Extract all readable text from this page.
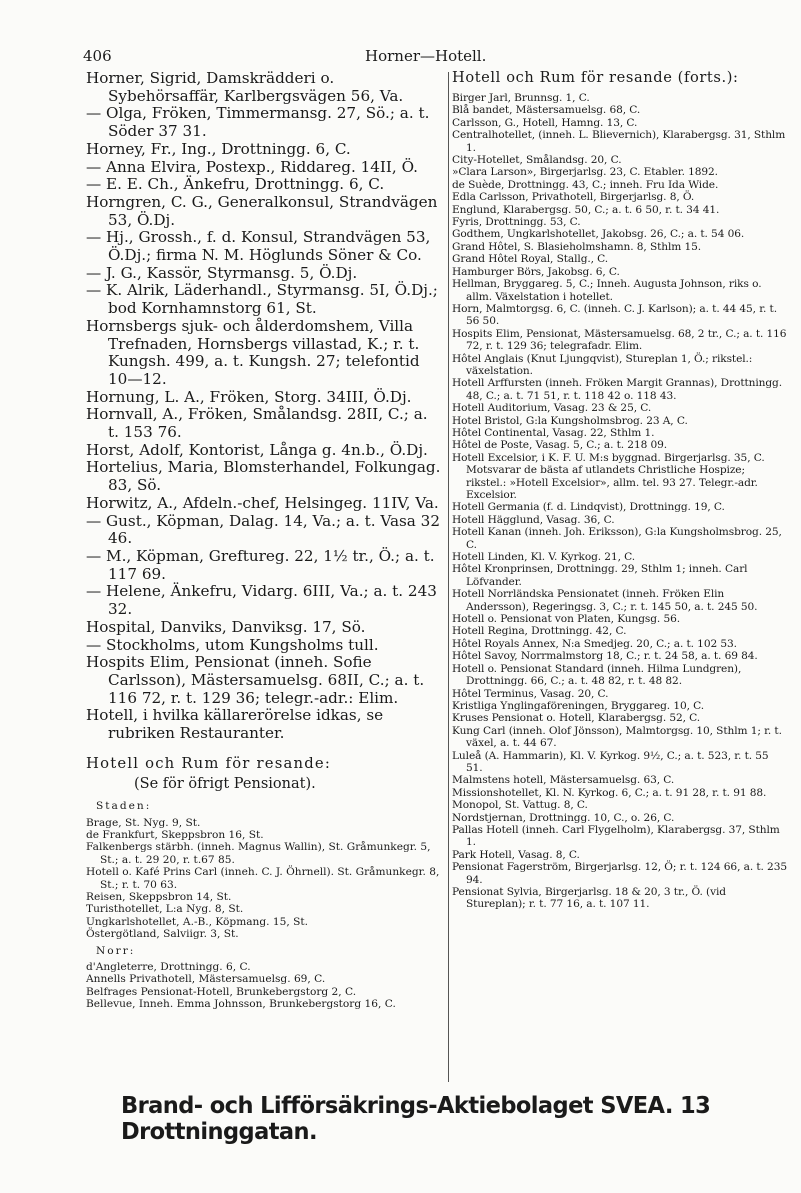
406	Horner—Hotell.

Horner, Sigrid, Damskrädderi o. Sybehörsaffär, Karlbergsvägen 56, Va.

— Olga, Fröken, Timmermansg. 27, Sö.; a. t. Söder 37 31.

Horney, Fr., Ing., Drottningg. 6, C.

— Anna Elvira, Postexp., Riddareg. 14II, Ö.

— E. E. Ch., Änkefru, Drottningg. 6, C.

Horngren, C. G., Generalkonsul, Strandvägen 53, Ö.Dj.

— Hj., Grossh., f. d. Konsul, Strandvägen 53, Ö.Dj.; firma N. M. Höglunds Söner & Co.

— J. G., Kassör, Styrmansg. 5, Ö.Dj.

— K. Alrik, Läderhandl., Styrmansg. 5I, Ö.Dj.; bod Kornhamnstorg 61, St.

Hornsbergs sjuk- och ålderdomshem, Villa Trefnaden, Hornsbergs villastad, K.; r. t. Kungsh. 499, a. t. Kungsh. 27; telefontid 10—12.

Hornung, L. A., Fröken, Storg. 34III, Ö.Dj.

Hornvall, A., Fröken, Smålandsg. 28II, C.; a. t. 153 76.

Horst, Adolf, Kontorist, Långa g. 4n.b., Ö.Dj.

Hortelius, Maria, Blomsterhandel, Folkungag. 83, Sö.

Horwitz, A., Afdeln.-chef, Helsingeg. 11IV, Va.

— Gust., Köpman, Dalag. 14, Va.; a. t. Vasa 32 46.

— M., Köpman, Greftureg. 22, 1½ tr., Ö.; a. t. 117 69.

— Helene, Änkefru, Vidarg. 6III, Va.; a. t. 243 32.

Hospital, Danviks, Danviksg. 17, Sö.

— Stockholms, utom Kungsholms tull.

Hospits Elim, Pensionat (inneh. Sofie Carlsson), Mästersamuelsg. 68II, C.; a. t. 116 72, r. t. 129 36; telegr.-adr.: Elim.

Hotell, i hvilka källarerörelse idkas, se rubriken Restauranter.

Hotell och Rum för resande:
(Se för öfrigt Pensionat).
Staden:

Brage, St. Nyg. 9, St.

de Frankfurt, Skeppsbron 16, St.

Falkenbergs stärbh. (inneh. Magnus Wallin), St. Gråmunkegr. 5, St.; a. t. 29 20, r. t.67 85.

Hotell o. Kafé Prins Carl (inneh. C. J. Öhrnell). St. Gråmunkegr. 8, St.; r. t. 70 63.

Reisen, Skeppsbron 14, St.

Turisthotellet, L:a Nyg. 8, St.

Ungkarlshotellet, A.-B., Köpmang. 15, St.

Östergötland, Salviigr. 3, St.

Norr:

d'Angleterre, Drottningg. 6, C.

Annells Privathotell, Mästersamuelsg. 69, C.

Belfrages Pensionat-Hotell, Brunkebergstorg 2, C.

Bellevue, Inneh. Emma Johnsson, Brunkebergstorg 16, C.

Hotell och Rum för resande (forts.):

Birger Jarl, Brunnsg. 1, C.

Blå bandet, Mästersamuelsg. 68, C.

Carlsson, G., Hotell, Hamng. 13, C.

Centralhotellet, (inneh. L. Blievernich), Klarabergsg. 31, Sthlm 1.

City-Hotellet, Smålandsg. 20, C.

»Clara Larson», Birgerjarlsg. 23, C. Etabler. 1892.

de Suède, Drottningg. 43, C.; inneh. Fru Ida Wide.

Edla Carlsson, Privathotell, Birgerjarlsg. 8, Ö.

Englund, Klarabergsg. 50, C.; a. t. 6 50, r. t. 34 41.

Fyris, Drottningg. 53, C.

Godthem, Ungkarlshotellet, Jakobsg. 26, C.; a. t. 54 06.

Grand Hôtel, S. Blasieholmshamn. 8, Sthlm 15.

Grand Hôtel Royal, Stallg., C.

Hamburger Börs, Jakobsg. 6, C.

Hellman, Bryggareg. 5, C.; Inneh. Augusta Johnson, riks o. allm. Växelstation i hotellet.

Horn, Malmtorgsg. 6, C. (inneh. C. J. Karlson); a. t. 44 45, r. t. 56 50.

Hospits Elim, Pensionat, Mästersamuelsg. 68, 2 tr., C.; a. t. 116 72, r. t. 129 36; telegrafadr. Elim.

Hôtel Anglais (Knut Ljungqvist), Stureplan 1, Ö.; rikstel.: växelstation.

Hotell Arffursten (inneh. Fröken Margit Grannas), Drottningg. 48, C.; a. t. 71 51, r. t. 118 42 o. 118 43.

Hotell Auditorium, Vasag. 23 & 25, C.

Hotel Bristol, G:la Kungsholmsbrog. 23 A, C.

Hôtel Continental, Vasag. 22, Sthlm 1.

Hôtel de Poste, Vasag. 5, C.; a. t. 218 09.

Hotell Excelsior, i K. F. U. M:s byggnad. Birgerjarlsg. 35, C. Motsvarar de bästa af utlandets Christliche Hospize; rikstel.: »Hotell Excelsior», allm. tel. 93 27. Telegr.-adr. Excelsior.

Hotell Germania (f. d. Lindqvist), Drottningg. 19, C.

Hotell Hägglund, Vasag. 36, C.

Hotell Kanan (inneh. Joh. Eriksson), G:la Kungsholmsbrog. 25, C.

Hotell Linden, Kl. V. Kyrkog. 21, C.

Hôtel Kronprinsen, Drottningg. 29, Sthlm 1; inneh. Carl Löfvander.

Hotell Norrländska Pensionatet (inneh. Fröken Elin Andersson), Regeringsg. 3, C.; r. t. 145 50, a. t. 245 50.

Hotell o. Pensionat von Platen, Kungsg. 56.

Hotell Regina, Drottningg. 42, C.

Hôtel Royals Annex, N:a Smedjeg. 20, C.; a. t. 102 53.

Hôtel Savoy, Norrmalmstorg 18, C.; r. t. 24 58, a. t. 69 84.

Hotell o. Pensionat Standard (inneh. Hilma Lundgren), Drottningg. 66, C.; a. t. 48 82, r. t. 48 82.

Hôtel Terminus, Vasag. 20, C.

Kristliga Ynglingaföreningen, Bryggareg. 10, C.

Kruses Pensionat o. Hotell, Klarabergsg. 52, C.

Kung Carl (inneh. Olof Jönsson), Malmtorgsg. 10, Sthlm 1; r. t. växel, a. t. 44 67.

Luleå (A. Hammarin), Kl. V. Kyrkog. 9½, C.; a. t. 523, r. t. 55 51.

Malmstens hotell, Mästersamuelsg. 63, C.

Missionshotellet, Kl. N. Kyrkog. 6, C.; a. t. 91 28, r. t. 91 88.

Monopol, St. Vattug. 8, C.

Nordstjernan, Drottningg. 10, C., o. 26, C.

Pallas Hotell (inneh. Carl Flygelholm), Klarabergsg. 37, Sthlm 1.

Park Hotell, Vasag. 8, C.

Pensionat Fagerström, Birgerjarlsg. 12, Ö; r. t. 124 66, a. t. 235 94.

Pensionat Sylvia, Birgerjarlsg. 18 & 20, 3 tr., Ö. (vid Stureplan); r. t. 77 16, a. t. 107 11.

Brand- och Lifförsäkrings-Aktiebolaget SVEA. 13 Drottninggatan.
